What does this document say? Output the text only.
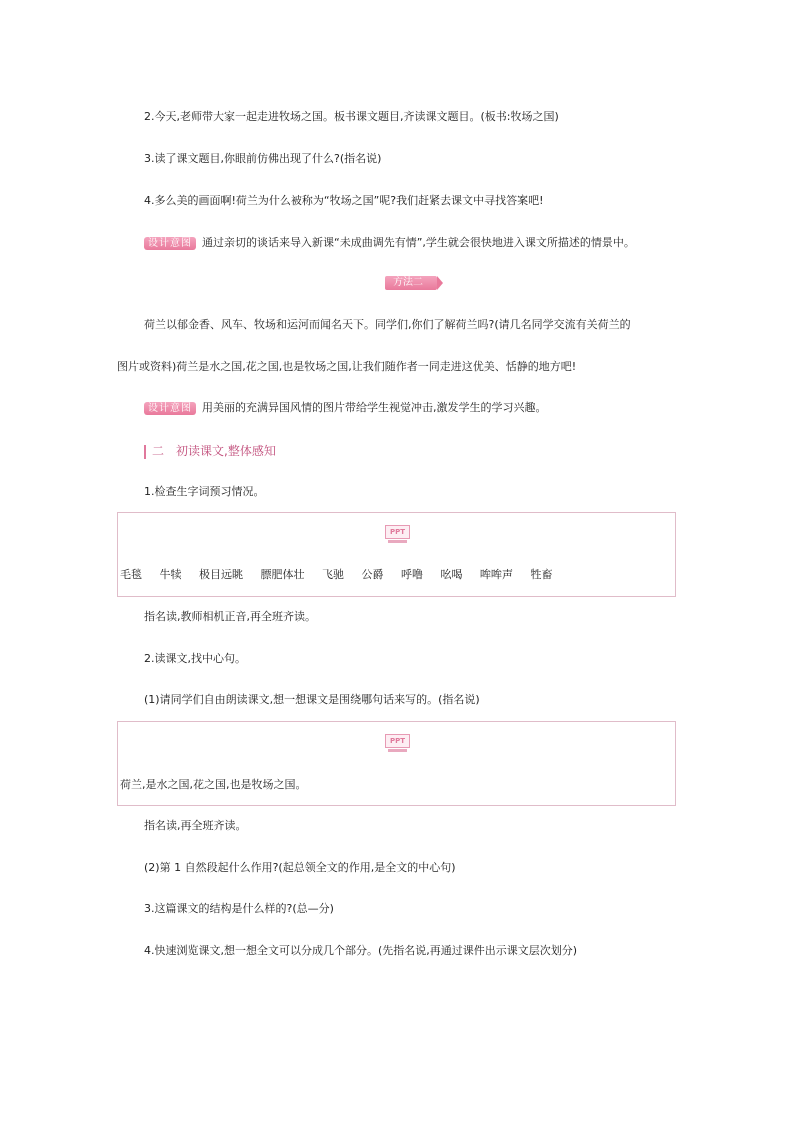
2.今天,老师带大家一起走进牧场之国。板书课文题目,齐读课文题目。(板书:牧场之国)
3.读了课文题目,你眼前仿佛出现了什么?(指名说)
4.多么美的画面啊!荷兰为什么被称为“牧场之国”呢?我们赶紧去课文中寻找答案吧!
设计意图 通过亲切的谈话来导入新课“未成曲调先有情”,学生就会很快地进入课文所描述的情景中。
方法二
荷兰以郁金香、风车、牧场和运河而闻名天下。同学们,你们了解荷兰吗?(请几名同学交流有关荷兰的
图片或资料)荷兰是水之国,花之国,也是牧场之国,让我们随作者一同走进这优美、恬静的地方吧!
设计意图 用美丽的充满异国风情的图片带给学生视觉冲击,激发学生的学习兴趣。
二　初读课文,整体感知
1.检查生字词预习情况。
PPT
毛毯 牛犊 极目远眺 膘肥体壮 飞驰 公爵 呼噜 吆喝 哞哞声 牲畜
指名读,教师相机正音,再全班齐读。
2.读课文,找中心句。
(1)请同学们自由朗读课文,想一想课文是围绕哪句话来写的。(指名说)
PPT
荷兰,是水之国,花之国,也是牧场之国。
指名读,再全班齐读。
(2)第 1 自然段起什么作用?(起总领全文的作用,是全文的中心句)
3.这篇课文的结构是什么样的?(总—分)
4.快速浏览课文,想一想全文可以分成几个部分。(先指名说,再通过课件出示课文层次划分)
